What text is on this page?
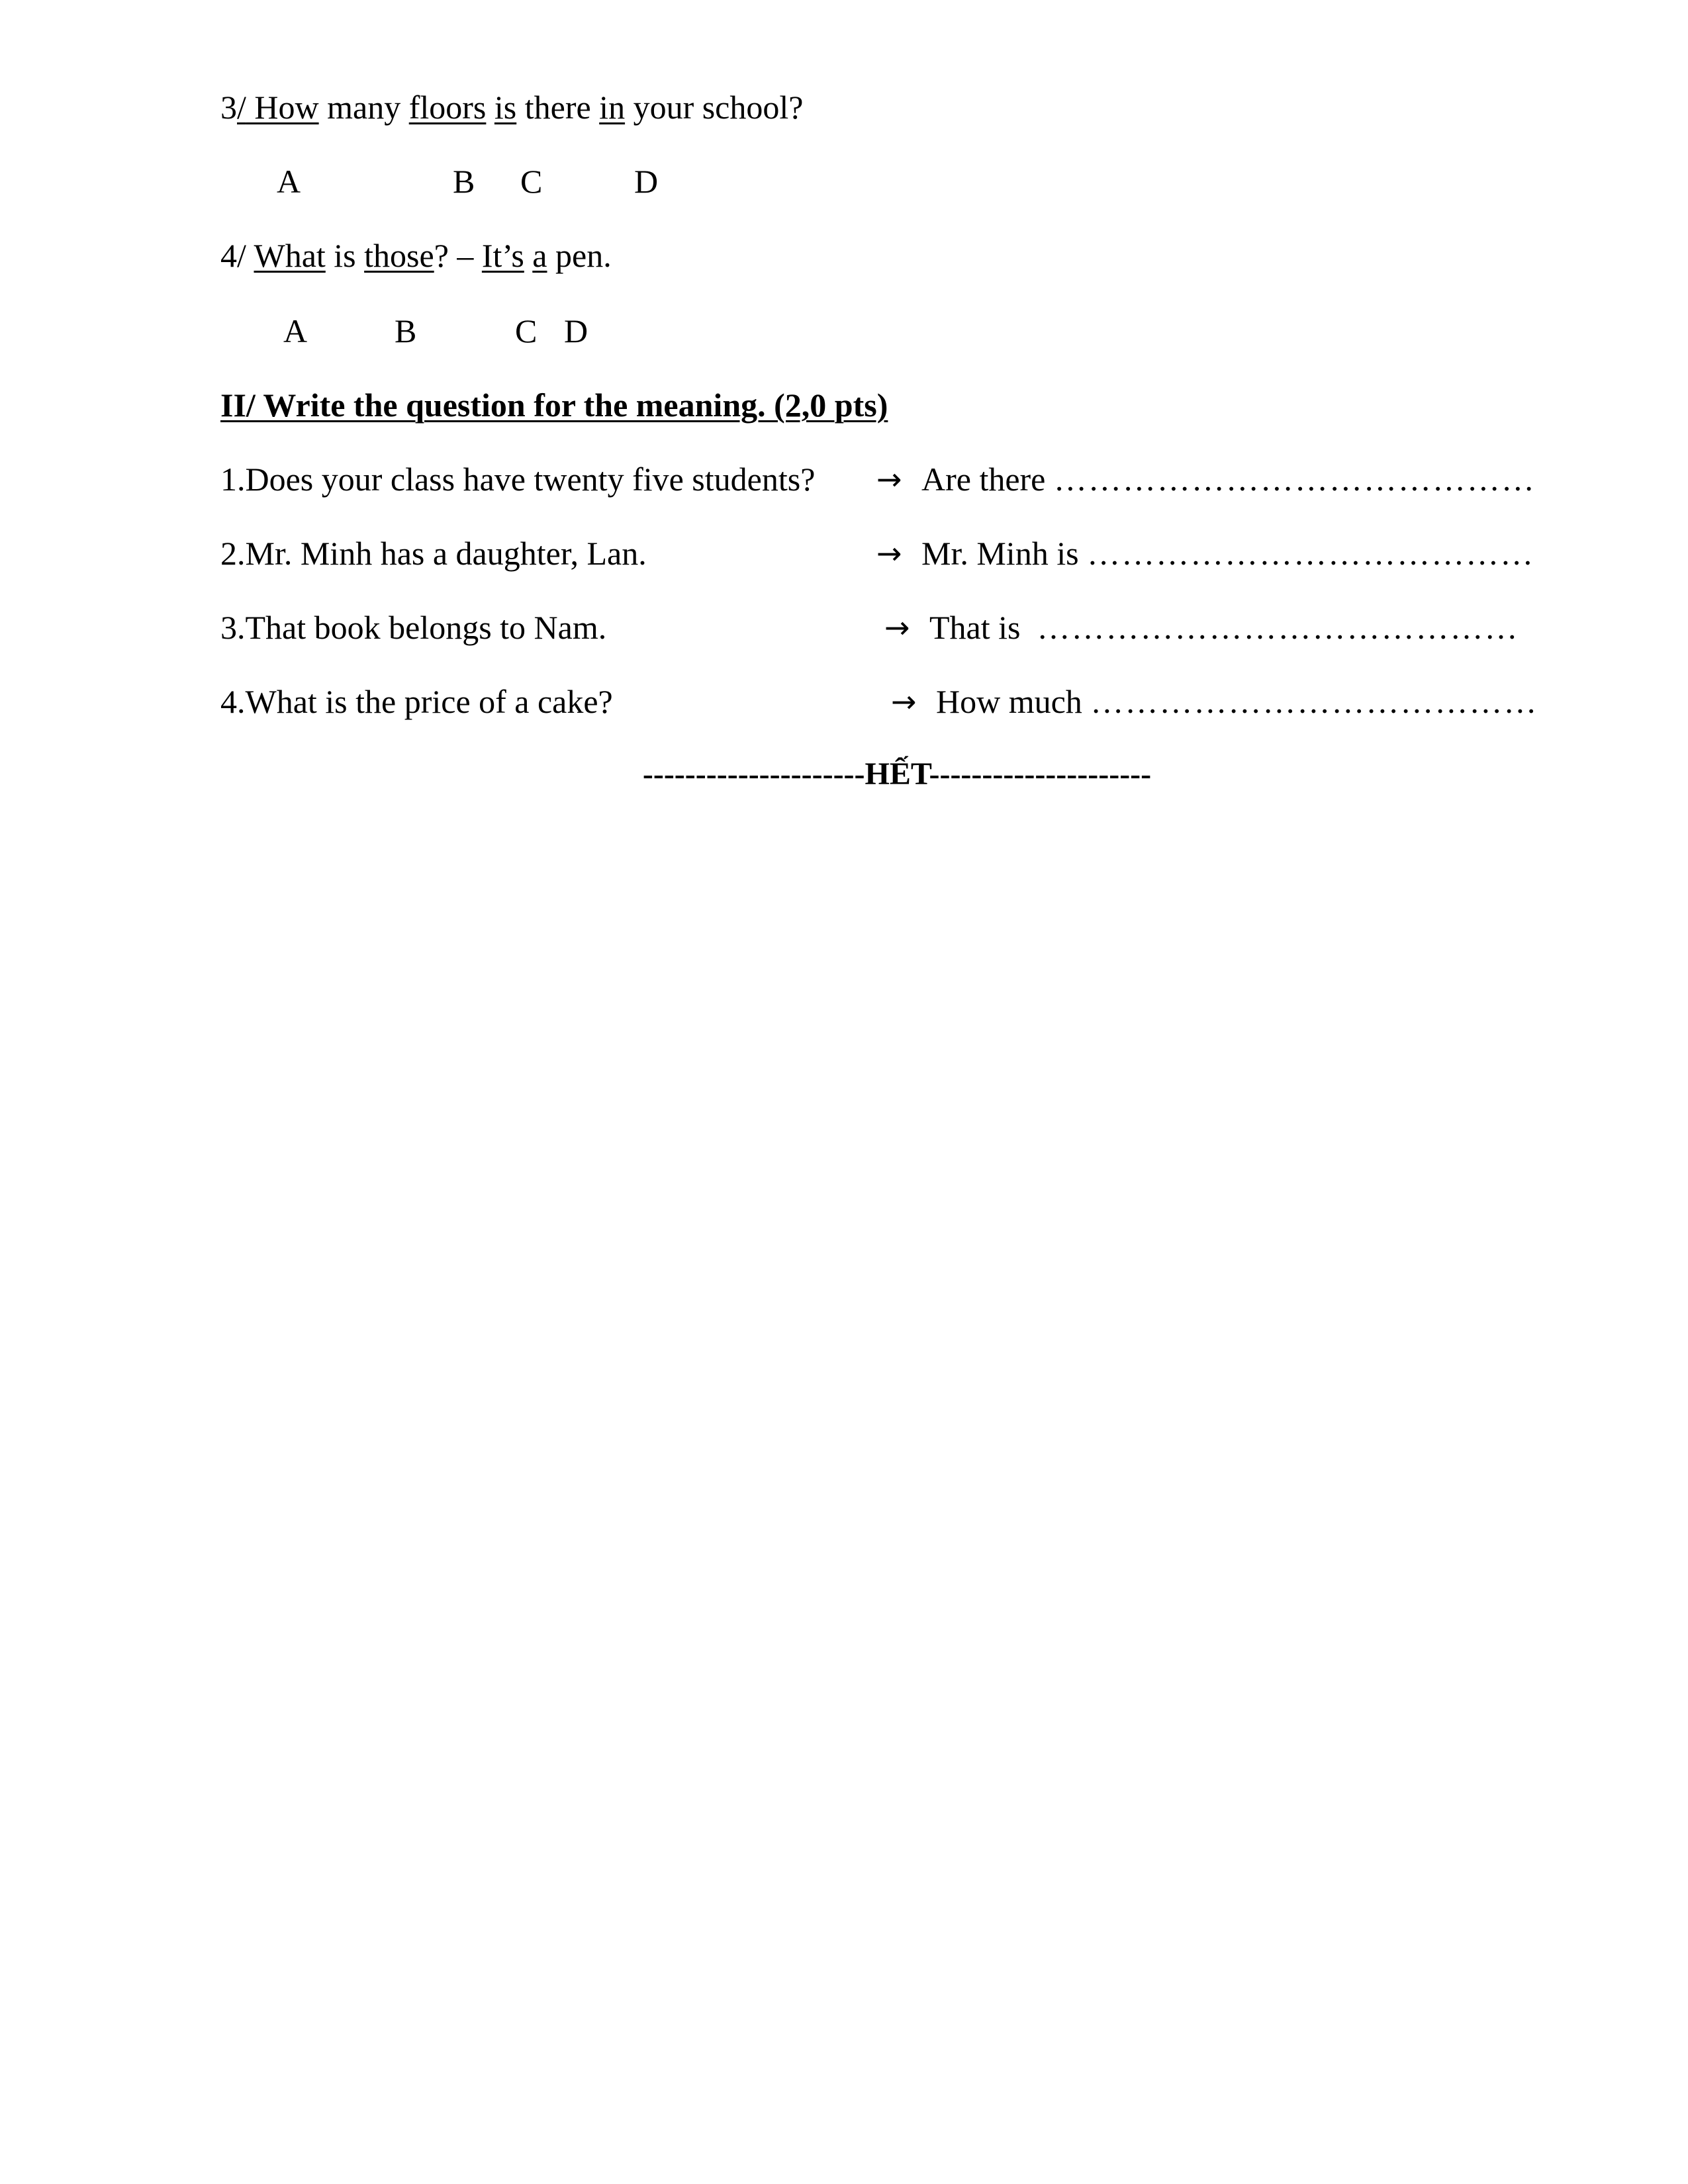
3/ How many floors is there in your school?
A	B C	D
4/ What is those? – It’s a pen.
A	B	C D
II/ Write the question for the meaning. (2,0 pts)
1.Does your class have twenty five students? → Are there ……………………………………
2.Mr. Minh has a daughter, Lan.	→ Mr. Minh is …………………………………
3.That book belongs to Nam.	→ That is ……………………………………
4.What is the price of a cake?	→ How much …………………………………
---------------------HẾT---------------------
